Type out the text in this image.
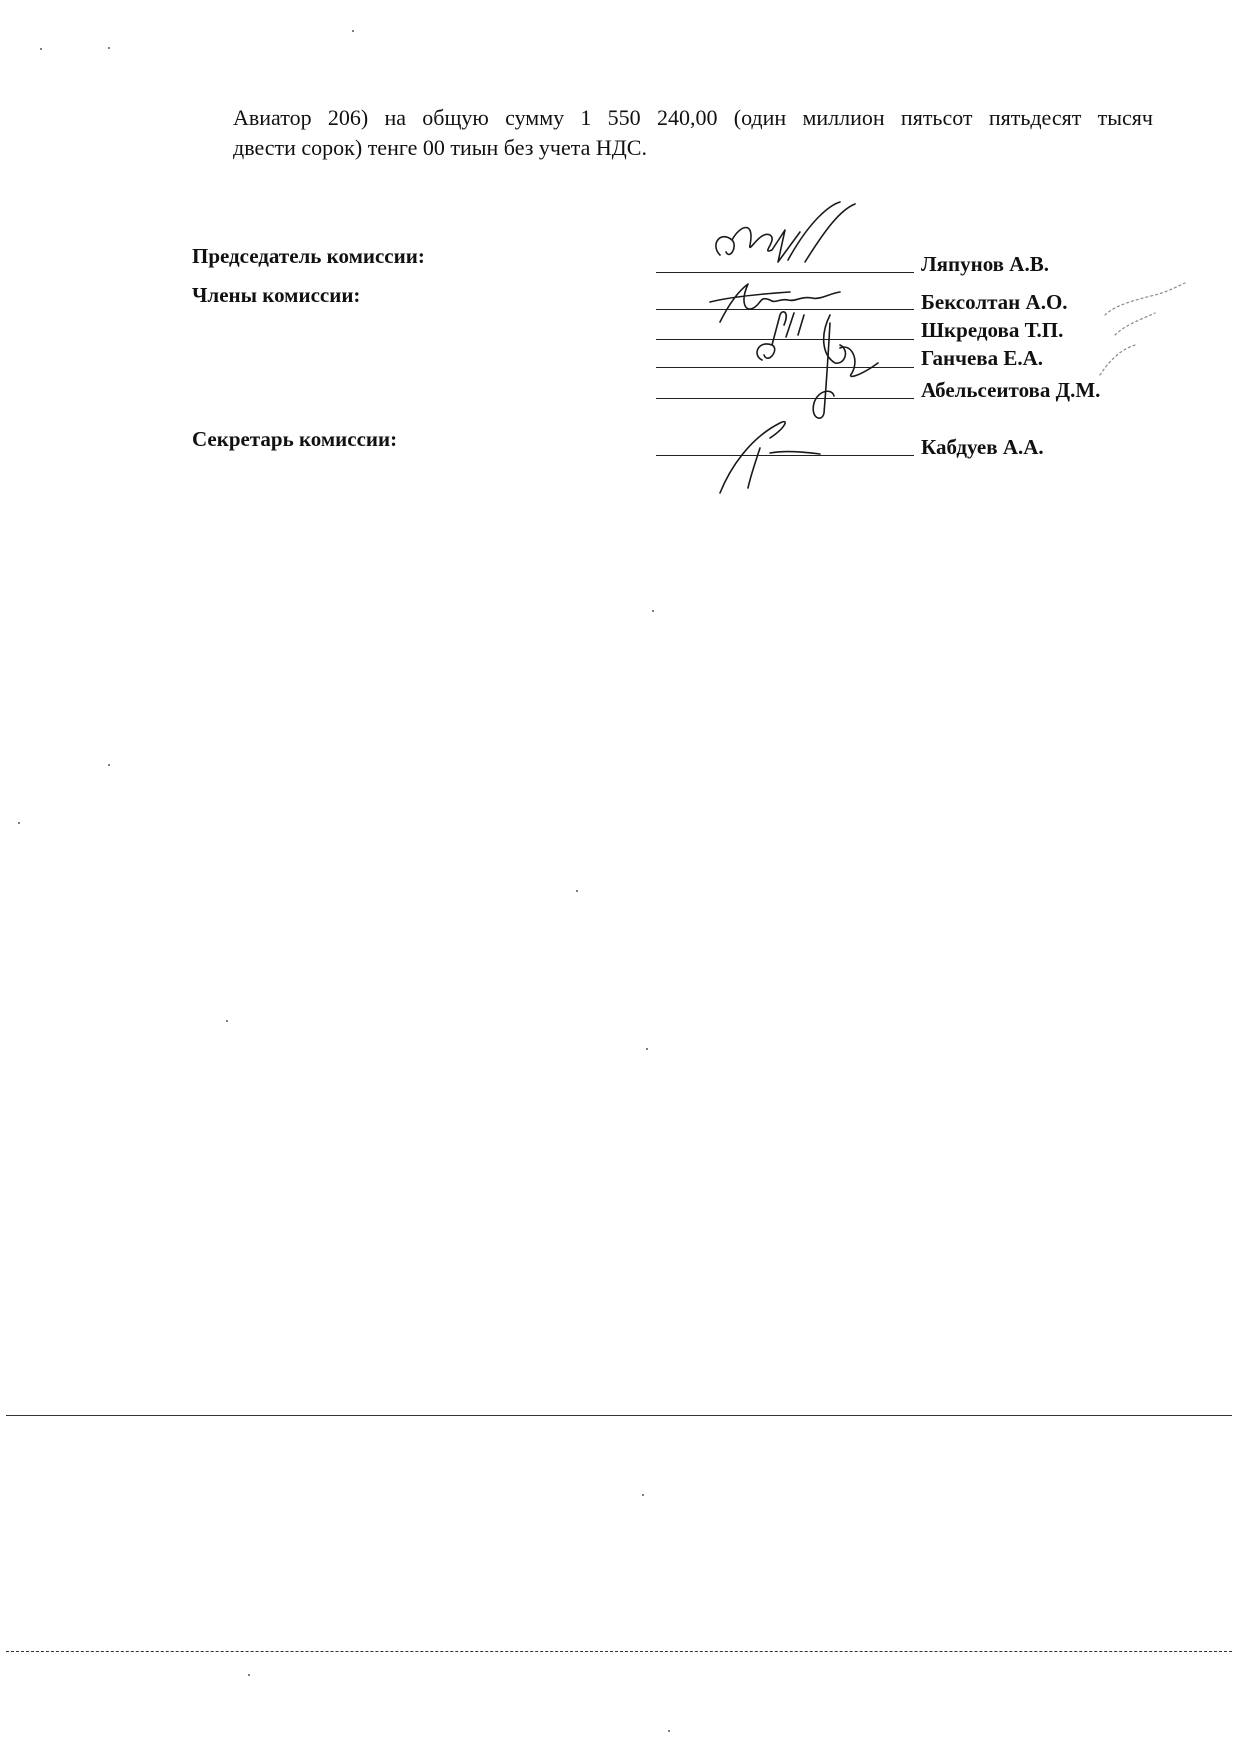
Авиатор 206) на общую сумму 1 550 240,00 (один миллион пятьсот пятьдесят тысяч
двести сорок) тенге 00 тиын без учета НДС.
Председатель комиссии:
Члены комиссии:
Секретарь комиссии:
Ляпунов А.В.
Бексолтан А.О.
Шкредова Т.П.
Ганчева Е.А.
Абельсеитова Д.М.
Кабдуев А.А.
